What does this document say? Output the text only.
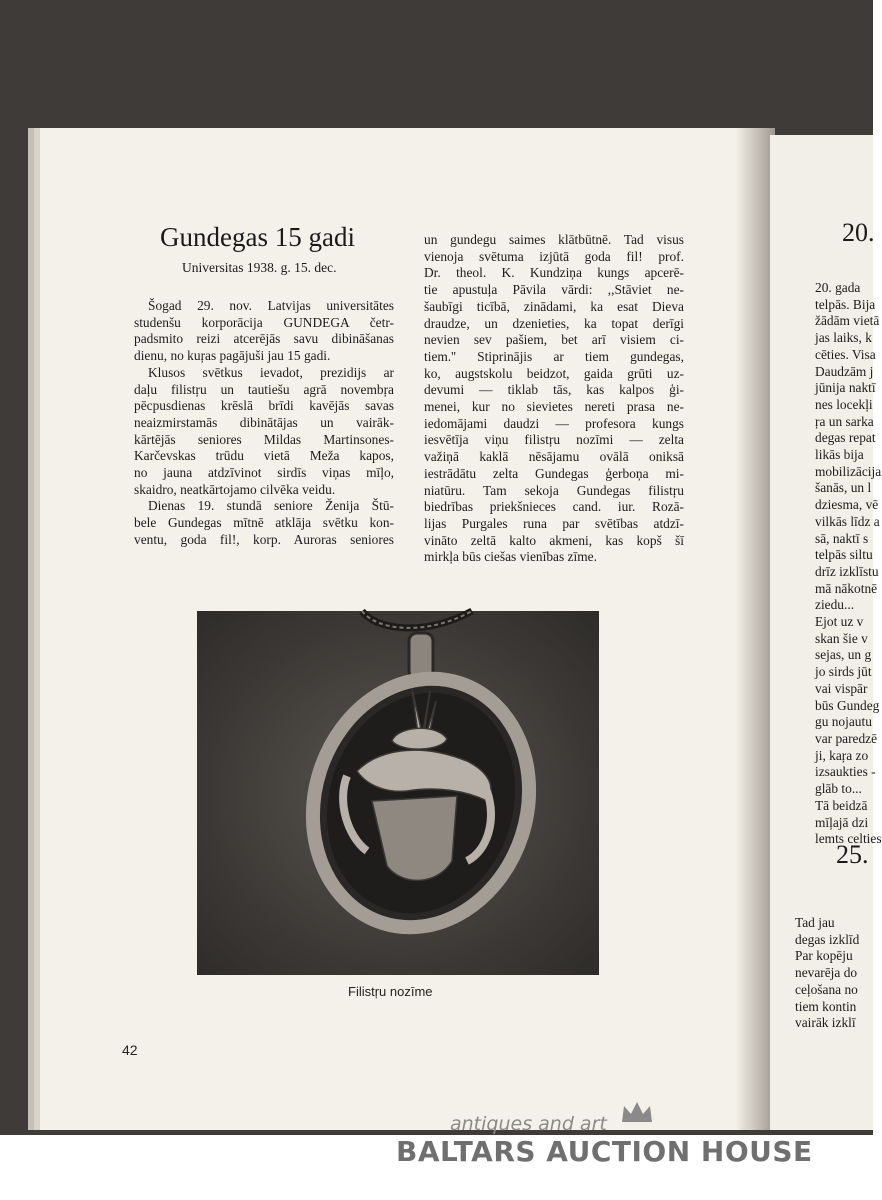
Gundegas 15 gadi
Universitas 1938. g. 15. dec.
Šogad 29. nov. Latvijas universitātes
studenšu korporācija GUNDEGA četr-
padsmito reizi atcerējās savu dibināšanas
dienu, no kuŗas pagājuši jau 15 gadi.
Klusos svētkus ievadot, prezidijs ar
daļu filistŗu un tautiešu agrā novembŗa
pēcpusdienas krēslā brīdi kavējās savas
neaizmirstamās dibinātājas un vairāk-
kārtējās seniores Mildas Martinsones-
Karčevskas trūdu vietā Meža kapos,
no jauna atdzīvinot sirdīs viņas mīļo,
skaidro, neatkārtojamo cilvēka veidu.
Dienas 19. stundā seniore Ženija Štū-
bele Gundegas mītnē atklāja svētku kon-
ventu, goda fil!, korp. Auroras seniores
un gundegu saimes klātbūtnē. Tad visus
vienoja svētuma izjūtā goda fil! prof.
Dr. theol. K. Kundziņa kungs apcerē-
tie apustuļa Pāvila vārdi: ,,Stāviet ne-
šaubīgi ticībā, zinādami, ka esat Dieva
draudze, un dzenieties, ka topat derīgi
nevien sev pašiem, bet arī visiem ci-
tiem.'' Stiprinājis ar tiem gundegas,
ko, augstskolu beidzot, gaida grūti uz-
devumi — tiklab tās, kas kalpos ģi-
menei, kur no sievietes nereti prasa ne-
iedomājami daudzi — profesora kungs
iesvētīja viņu filistŗu nozīmi — zelta
važiņā kaklā nēsājamu ovālā oniksā
iestrādātu zelta Gundegas ģerboņa mi-
niatūru. Tam sekoja Gundegas filistŗu
biedrības priekšnieces cand. iur. Rozā-
lijas Purgales runa par svētības atdzī-
vināto zeltā kalto akmeni, kas kopš šī
mirkļa būs ciešas vienības zīme.
Filistŗu nozīme
42
20.
20. gada
telpās. Bija
žādām vietā
jas laiks, k
cēties. Visa
Daudzām j
jūnija naktī
nes locekļi
ŗa un sarka
degas repat
likās bija
mobilizācija
šanās, un l
dziesma, vē
vilkās līdz a
sā, naktī s
telpās siltu
drīz izklīstu
mā nākotnē
ziedu...
Ejot uz v
skan šie v
sejas, un g
jo sirds jūt
vai vispār
būs Gundeg
gu nojautu
var paredzē
ji, kaŗa zo
izsaukties -
glāb to...
Tā beidzā
mīļajā dzi
lemts celties
25.
Tad jau
degas izklīd
Par kopēju
nevarēja do
ceļošana no
tiem kontin
vairāk izklī
antiques and art
BALTARS AUCTION HOUSE
